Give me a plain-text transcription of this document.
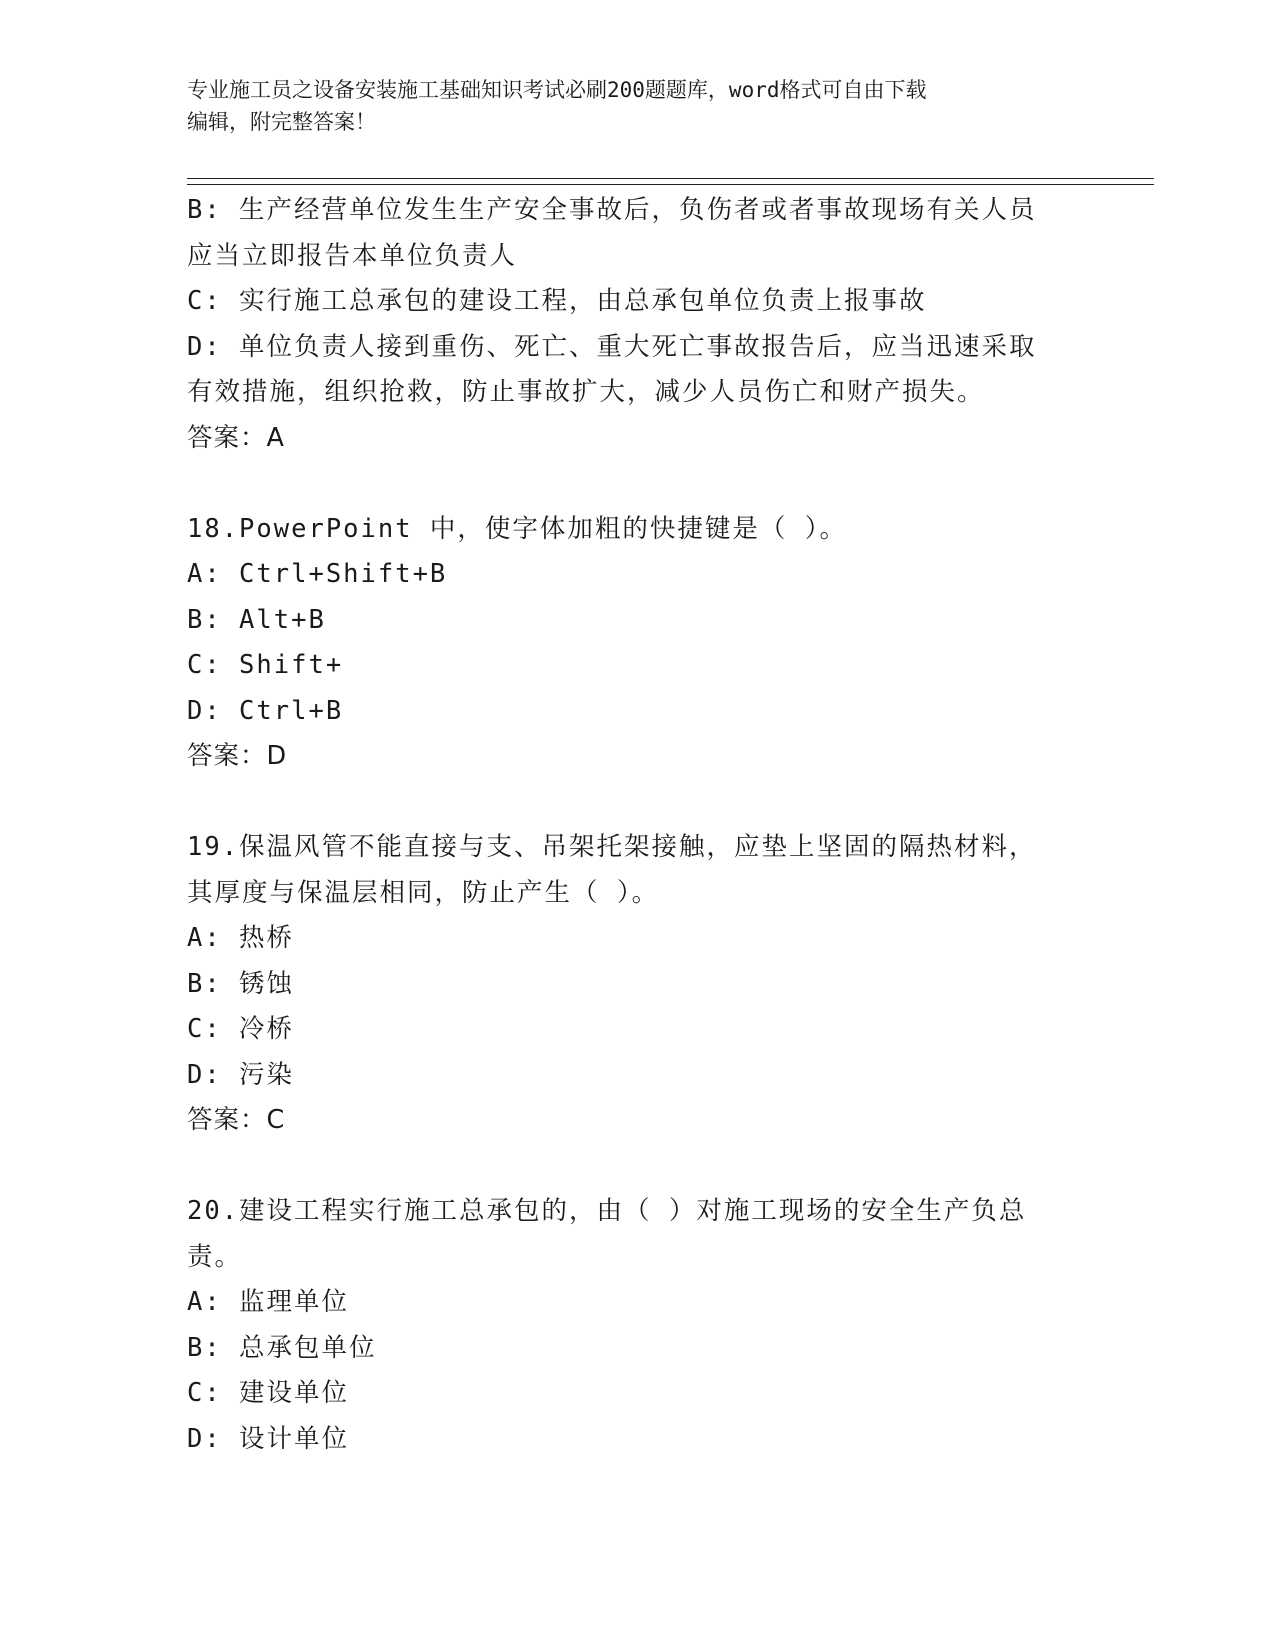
专业施工员之设备安装施工基础知识考试必刷200题题库，word格式可自由下载
编辑，附完整答案！
B: 生产经营单位发生生产安全事故后，负伤者或者事故现场有关人员
应当立即报告本单位负责人
C: 实行施工总承包的建设工程，由总承包单位负责上报事故
D: 单位负责人接到重伤、死亡、重大死亡事故报告后，应当迅速采取
有效措施，组织抢救，防止事故扩大，减少人员伤亡和财产损失。
答案：A
18.PowerPoint 中，使字体加粗的快捷键是（ ）。
A: Ctrl+Shift+B
B: Alt+B
C: Shift+
D: Ctrl+B
答案：D
19.保温风管不能直接与支、吊架托架接触，应垫上坚固的隔热材料，
其厚度与保温层相同，防止产生（ ）。
A: 热桥
B: 锈蚀
C: 冷桥
D: 污染
答案：C
20.建设工程实行施工总承包的，由（ ）对施工现场的安全生产负总
责。
A: 监理单位
B: 总承包单位
C: 建设单位
D: 设计单位
